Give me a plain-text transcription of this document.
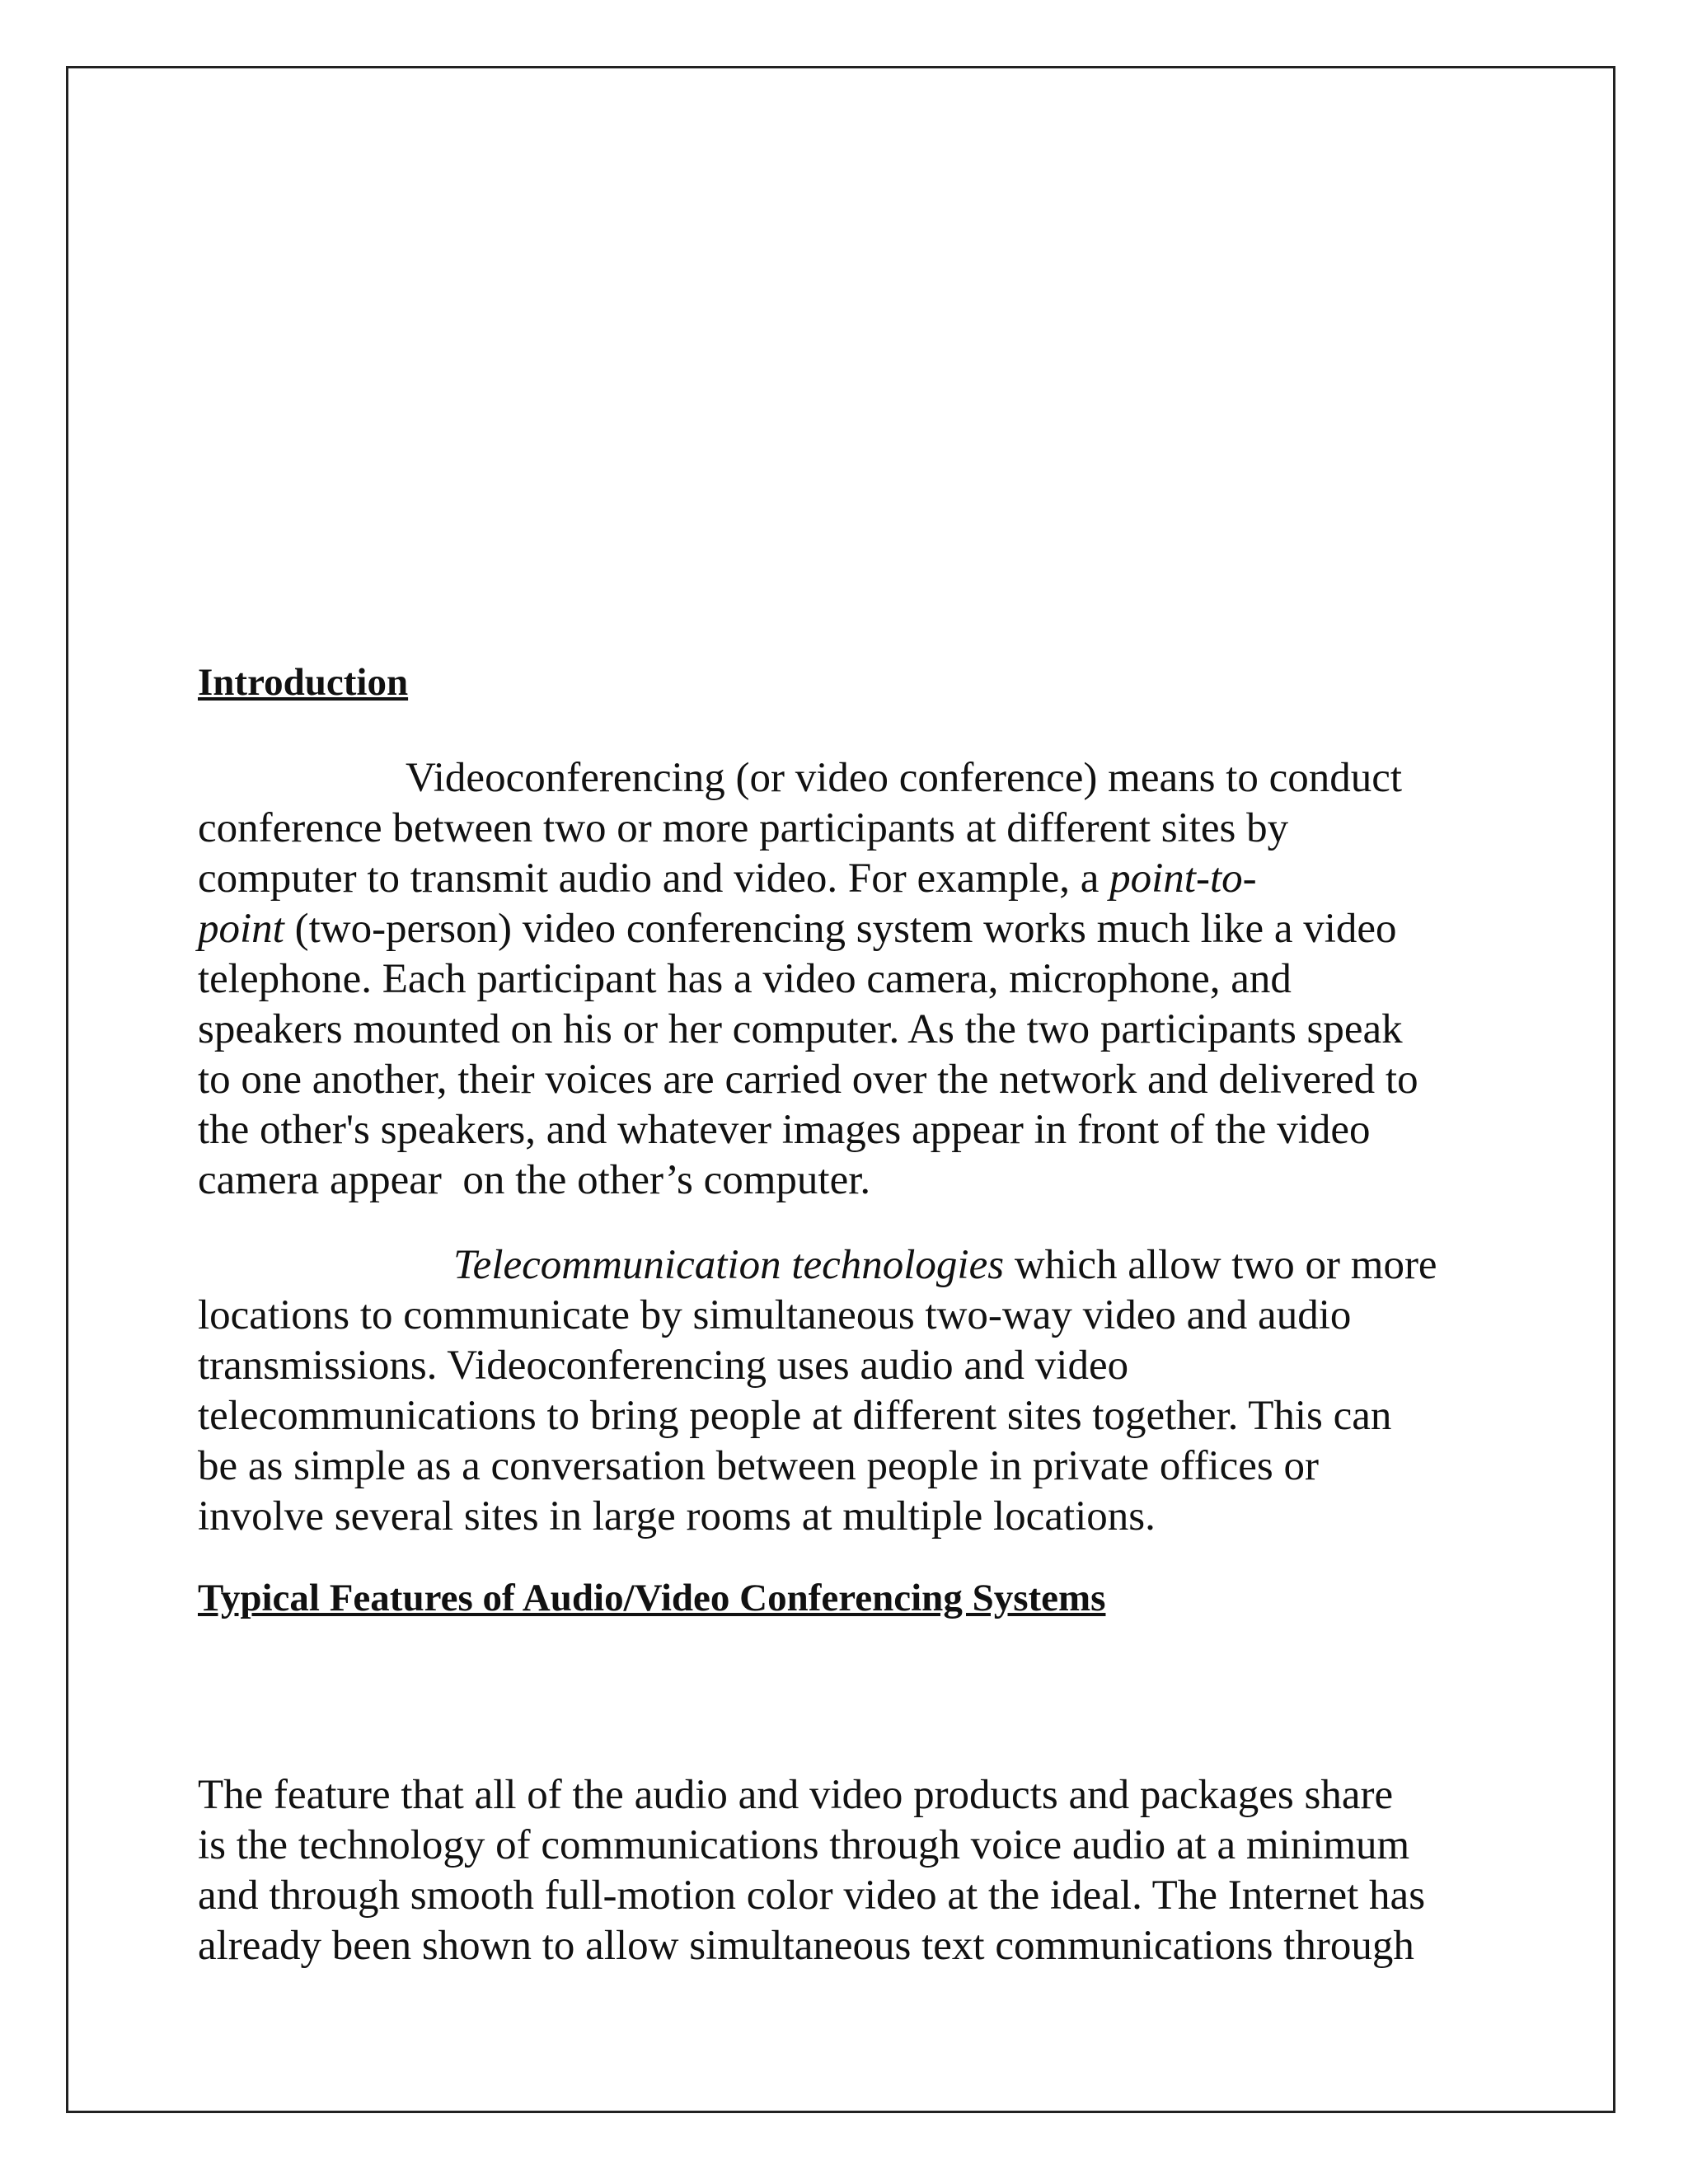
Introduction

Videoconferencing (or video conference) means to conduct
conference between two or more participants at different sites by
computer to transmit audio and video. For example, a point-to-
point (two-person) video conferencing system works much like a video
telephone. Each participant has a video camera, microphone, and
speakers mounted on his or her computer. As the two participants speak
to one another, their voices are carried over the network and delivered to
the other's speakers, and whatever images appear in front of the video
camera appear  on the other’s computer.

Telecommunication technologies which allow two or more
locations to communicate by simultaneous two-way video and audio
transmissions. Videoconferencing uses audio and video
telecommunications to bring people at different sites together. This can
be as simple as a conversation between people in private offices or
involve several sites in large rooms at multiple locations.

Typical Features of Audio/Video Conferencing Systems

The feature that all of the audio and video products and packages share
is the technology of communications through voice audio at a minimum
and through smooth full-motion color video at the ideal. The Internet has
already been shown to allow simultaneous text communications through
